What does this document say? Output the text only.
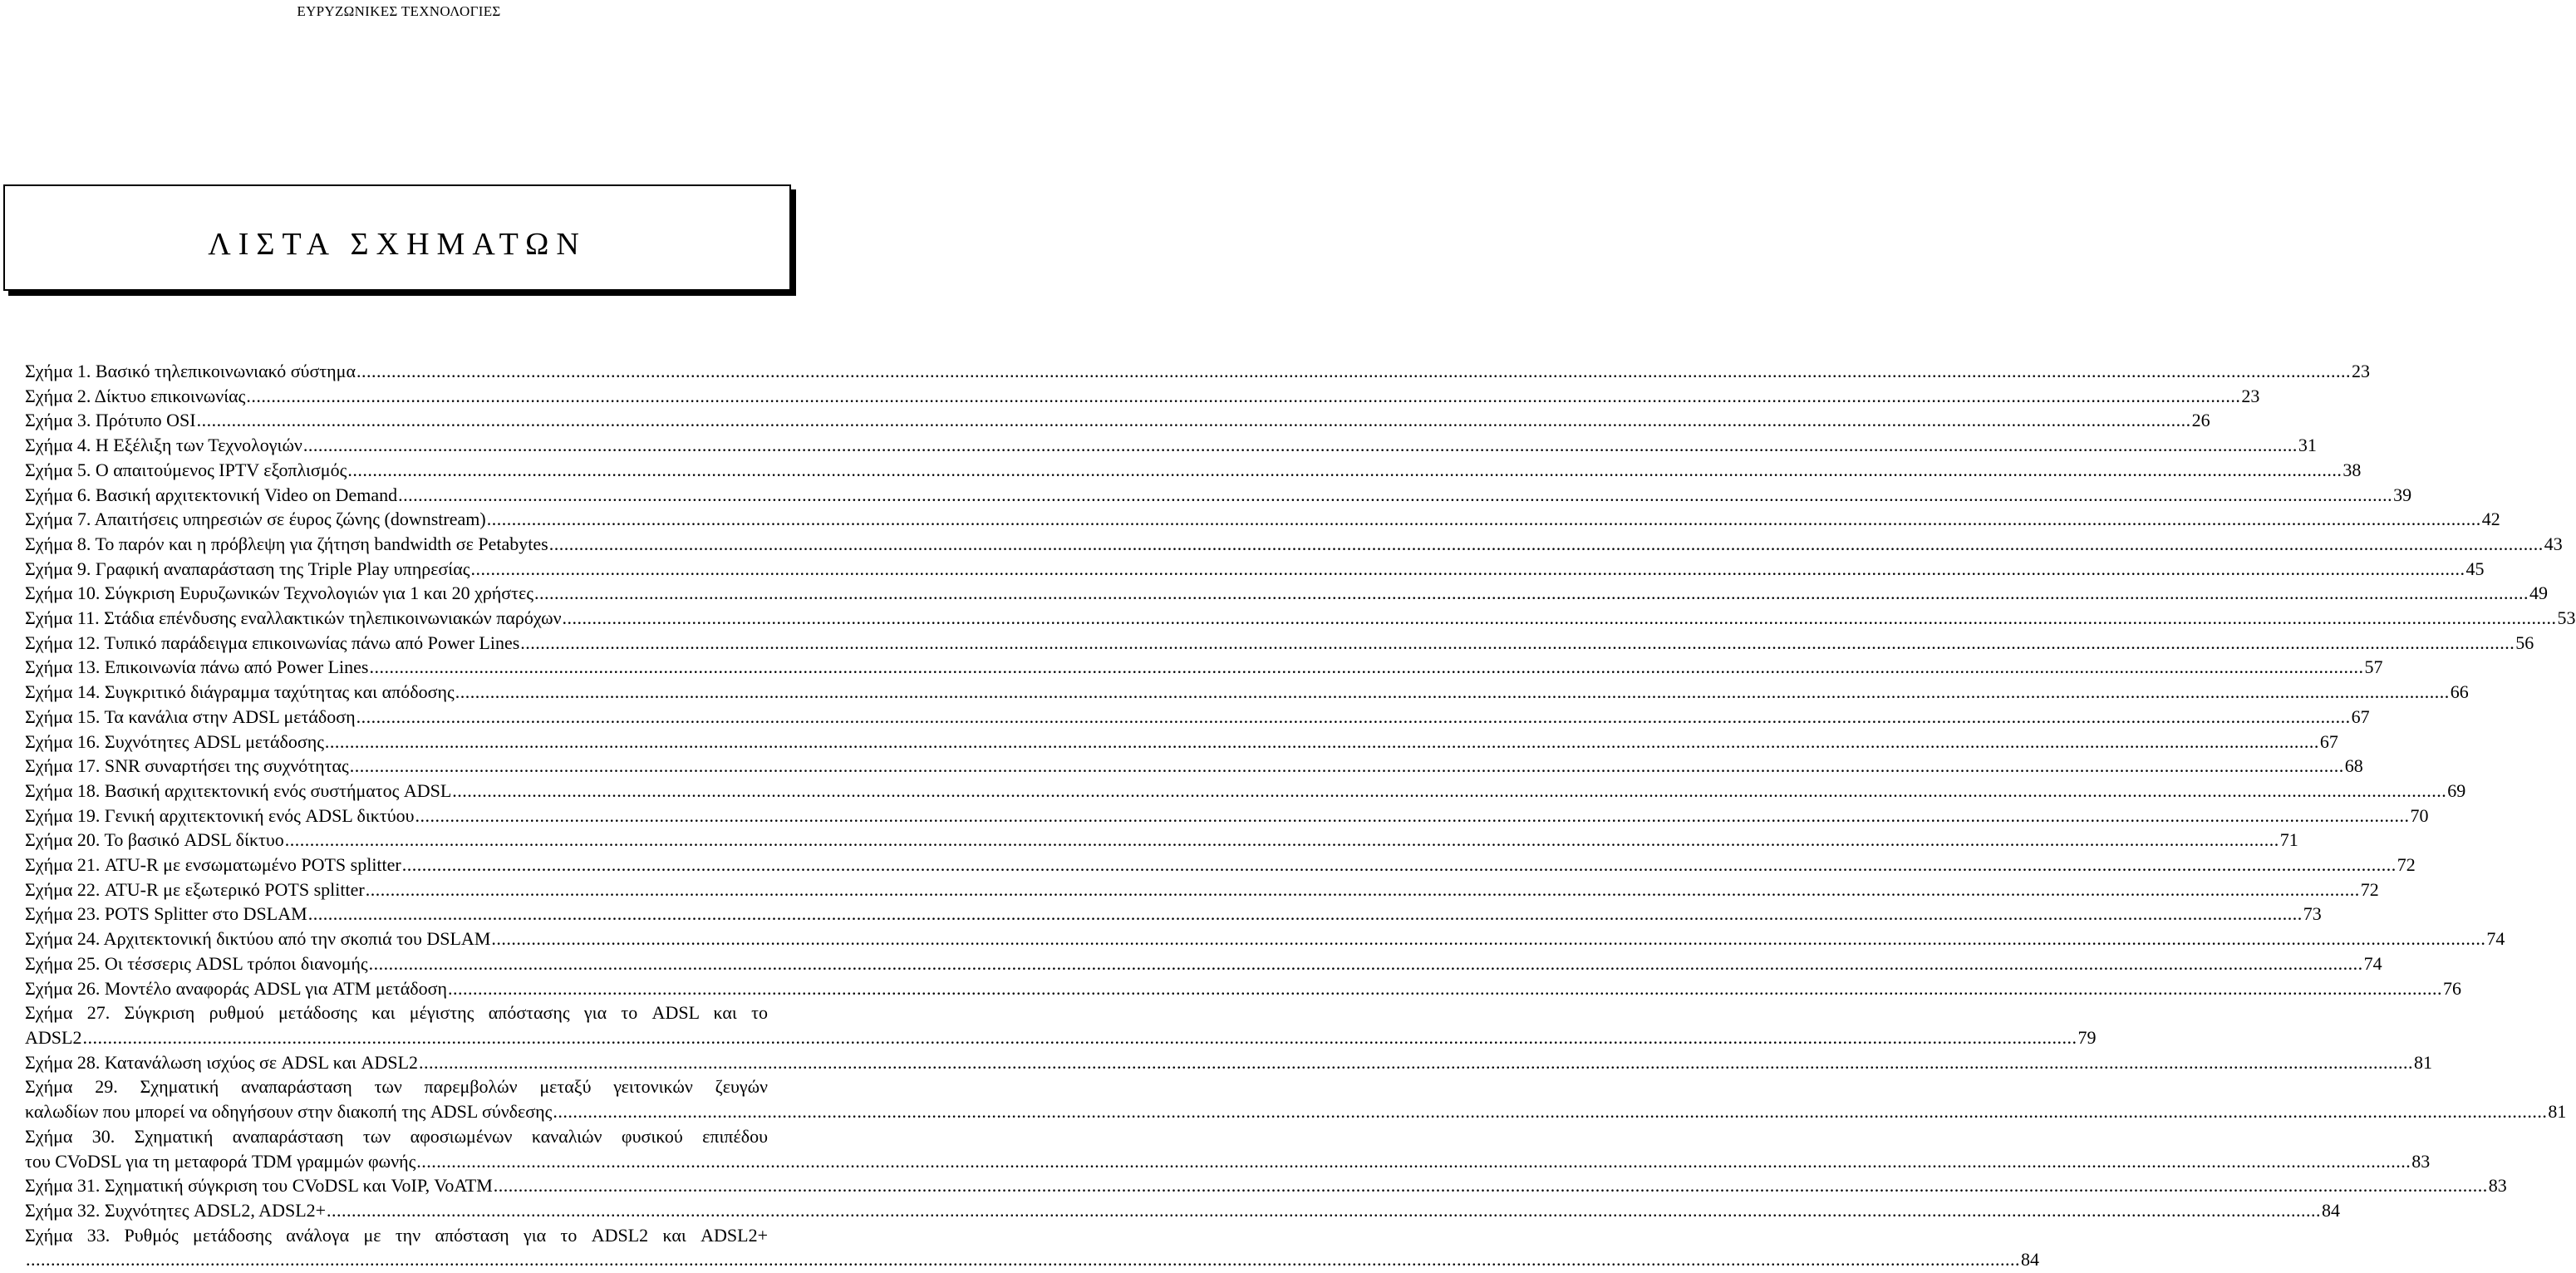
ΕΥΡΥΖΩΝΙΚΕΣ ΤΕΧΝΟΛΟΓΙΕΣ
ΛΙΣΤΑ ΣΧΗΜΑΤΩΝ
Σχήμα 1. Βασικό τηλεπικοινωνιακό σύστημα ................................................................................................................................................................................................................................................................................................................................................................................................................ 23
Σχήμα 2. Δίκτυο επικοινωνίας ................................................................................................................................................................................................................................................................................................................................................................................................................ 23
Σχήμα 3. Πρότυπο OSI ................................................................................................................................................................................................................................................................................................................................................................................................................ 26
Σχήμα 4. Η Εξέλιξη των Τεχνολογιών ................................................................................................................................................................................................................................................................................................................................................................................................................ 31
Σχήμα 5. Ο απαιτούμενος IPTV εξοπλισμός ................................................................................................................................................................................................................................................................................................................................................................................................................ 38
Σχήμα 6. Βασική αρχιτεκτονική Video on Demand ................................................................................................................................................................................................................................................................................................................................................................................................................ 39
Σχήμα 7. Απαιτήσεις υπηρεσιών σε έυρος ζώνης (downstream) ................................................................................................................................................................................................................................................................................................................................................................................................................ 42
Σχήμα 8. Το παρόν και η πρόβλεψη για ζήτηση bandwidth σε Petabytes ................................................................................................................................................................................................................................................................................................................................................................................................................ 43
Σχήμα 9. Γραφική αναπαράσταση της Triple Play υπηρεσίας ................................................................................................................................................................................................................................................................................................................................................................................................................ 45
Σχήμα 10. Σύγκριση Ευρυζωνικών Τεχνολογιών για 1 και 20 χρήστες ................................................................................................................................................................................................................................................................................................................................................................................................................ 49
Σχήμα 11. Στάδια επένδυσης εναλλακτικών τηλεπικοινωνιακών παρόχων ................................................................................................................................................................................................................................................................................................................................................................................................................ 53
Σχήμα 12. Τυπικό παράδειγμα επικοινωνίας πάνω από Power Lines ................................................................................................................................................................................................................................................................................................................................................................................................................ 56
Σχήμα 13. Επικοινωνία πάνω από Power Lines ................................................................................................................................................................................................................................................................................................................................................................................................................ 57
Σχήμα 14. Συγκριτικό διάγραμμα ταχύτητας και απόδοσης ................................................................................................................................................................................................................................................................................................................................................................................................................ 66
Σχήμα 15. Τα κανάλια στην ADSL μετάδοση ................................................................................................................................................................................................................................................................................................................................................................................................................ 67
Σχήμα 16. Συχνότητες ADSL μετάδοσης ................................................................................................................................................................................................................................................................................................................................................................................................................ 67
Σχήμα 17. SNR συναρτήσει της συχνότητας ................................................................................................................................................................................................................................................................................................................................................................................................................ 68
Σχήμα 18. Βασική αρχιτεκτονική ενός συστήματος ADSL ................................................................................................................................................................................................................................................................................................................................................................................................................ 69
Σχήμα 19. Γενική αρχιτεκτονική ενός ADSL δικτύου ................................................................................................................................................................................................................................................................................................................................................................................................................ 70
Σχήμα 20. Το βασικό ADSL δίκτυο ................................................................................................................................................................................................................................................................................................................................................................................................................ 71
Σχήμα 21. ATU-R με ενσωματωμένο POTS splitter ................................................................................................................................................................................................................................................................................................................................................................................................................ 72
Σχήμα 22. ATU-R με εξωτερικό POTS splitter ................................................................................................................................................................................................................................................................................................................................................................................................................ 72
Σχήμα 23. POTS Splitter στο DSLAM ................................................................................................................................................................................................................................................................................................................................................................................................................ 73
Σχήμα 24. Αρχιτεκτονική δικτύου από την σκοπιά του DSLAM ................................................................................................................................................................................................................................................................................................................................................................................................................ 74
Σχήμα 25. Οι τέσσερις ADSL τρόποι διανομής ................................................................................................................................................................................................................................................................................................................................................................................................................ 74
Σχήμα 26. Μοντέλο αναφοράς ADSL για ATM μετάδοση ................................................................................................................................................................................................................................................................................................................................................................................................................ 76
Σχήμα 27. Σύγκριση ρυθμού μετάδοσης και μέγιστης απόστασης για το ADSL και το
ADSL2 ................................................................................................................................................................................................................................................................................................................................................................................................................ 79
Σχήμα 28. Κατανάλωση ισχύος σε ADSL και ADSL2 ................................................................................................................................................................................................................................................................................................................................................................................................................ 81
Σχήμα 29. Σχηματική αναπαράσταση των παρεμβολών μεταξύ γειτονικών ζευγών
καλωδίων που μπορεί να οδηγήσουν στην διακοπή της ADSL σύνδεσης ................................................................................................................................................................................................................................................................................................................................................................................................................ 81
Σχήμα 30. Σχηματική αναπαράσταση των αφοσιωμένων καναλιών φυσικού επιπέδου
του CVoDSL για τη μεταφορά TDM γραμμών φωνής ................................................................................................................................................................................................................................................................................................................................................................................................................ 83
Σχήμα 31. Σχηματική σύγκριση του CVoDSL και VoIP, VoATM ................................................................................................................................................................................................................................................................................................................................................................................................................ 83
Σχήμα 32. Συχνότητες ADSL2, ADSL2+ ................................................................................................................................................................................................................................................................................................................................................................................................................ 84
Σχήμα 33. Ρυθμός μετάδοσης ανάλογα με την απόσταση για το ADSL2 και ADSL2+
................................................................................................................................................................................................................................................................................................................................................................................................................ 84
